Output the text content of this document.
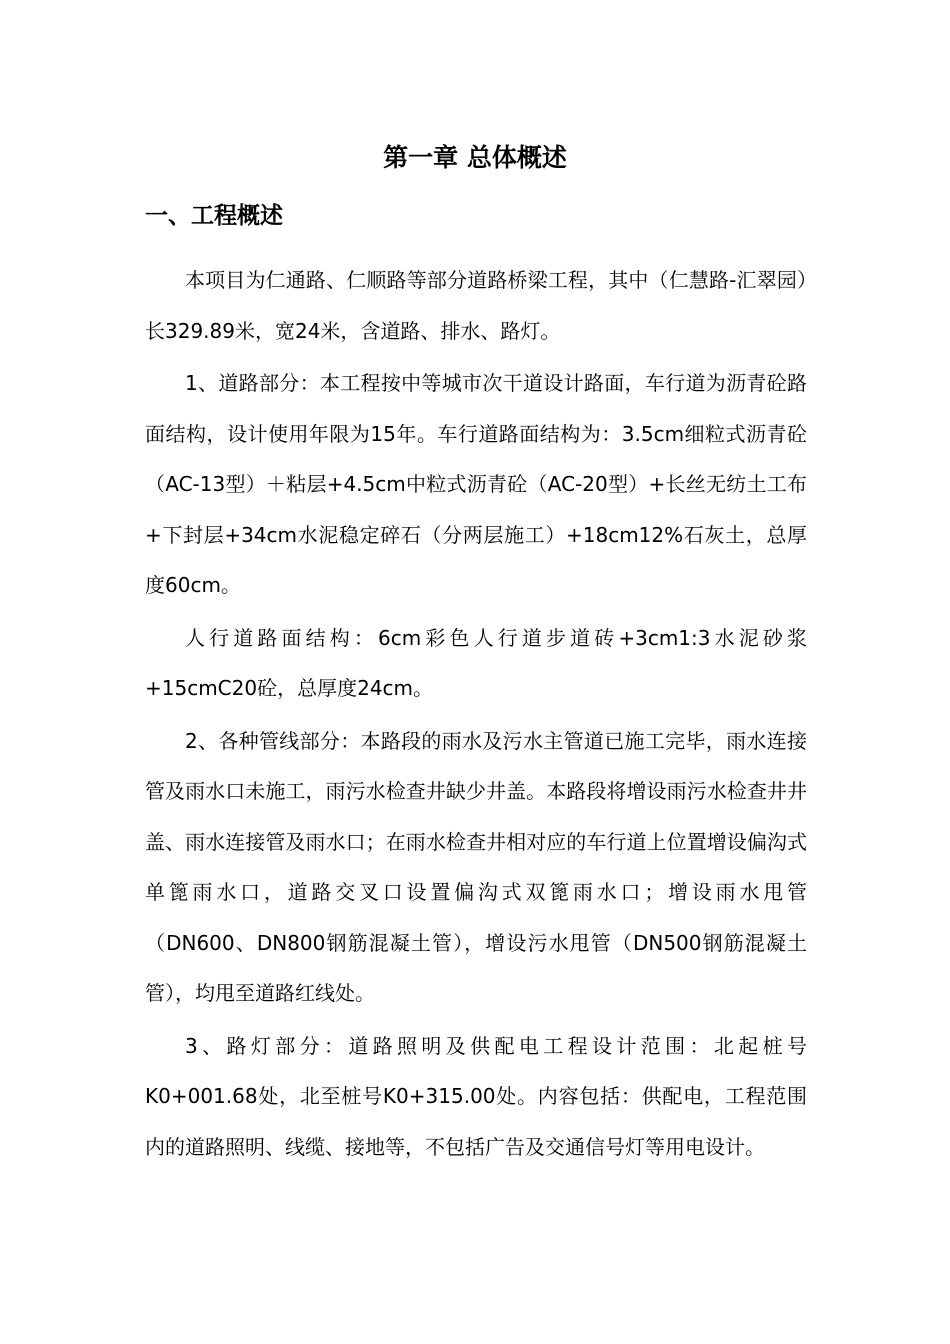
第一章 总体概述
一、工程概述

本项目为仁通路、仁顺路等部分道路桥梁工程，其中（仁慧路-汇翠园）长329.89米，宽24米，含道路、排水、路灯。

1、道路部分：本工程按中等城市次干道设计路面，车行道为沥青砼路面结构，设计使用年限为15年。车行道路面结构为：3.5cm细粒式沥青砼（AC-13型）＋粘层+4.5cm中粒式沥青砼（AC-20型）+长丝无纺土工布+下封层+34cm水泥稳定碎石（分两层施工）+18cm12%石灰土，总厚度60cm。

人行道路面结构：6cm彩色人行道步道砖+3cm1:3水泥砂浆+15cmC20砼，总厚度24cm。

2、各种管线部分：本路段的雨水及污水主管道已施工完毕，雨水连接管及雨水口未施工，雨污水检查井缺少井盖。本路段将增设雨污水检查井井盖、雨水连接管及雨水口；在雨水检查井相对应的车行道上位置增设偏沟式单篦雨水口，道路交叉口设置偏沟式双篦雨水口；增设雨水甩管（DN600、DN800钢筋混凝土管），增设污水甩管（DN500钢筋混凝土管），均甩至道路红线处。

3、路灯部分：道路照明及供配电工程设计范围：北起桩号K0+001.68处，北至桩号K0+315.00处。内容包括：供配电，工程范围内的道路照明、线缆、接地等，不包括广告及交通信号灯等用电设计。
